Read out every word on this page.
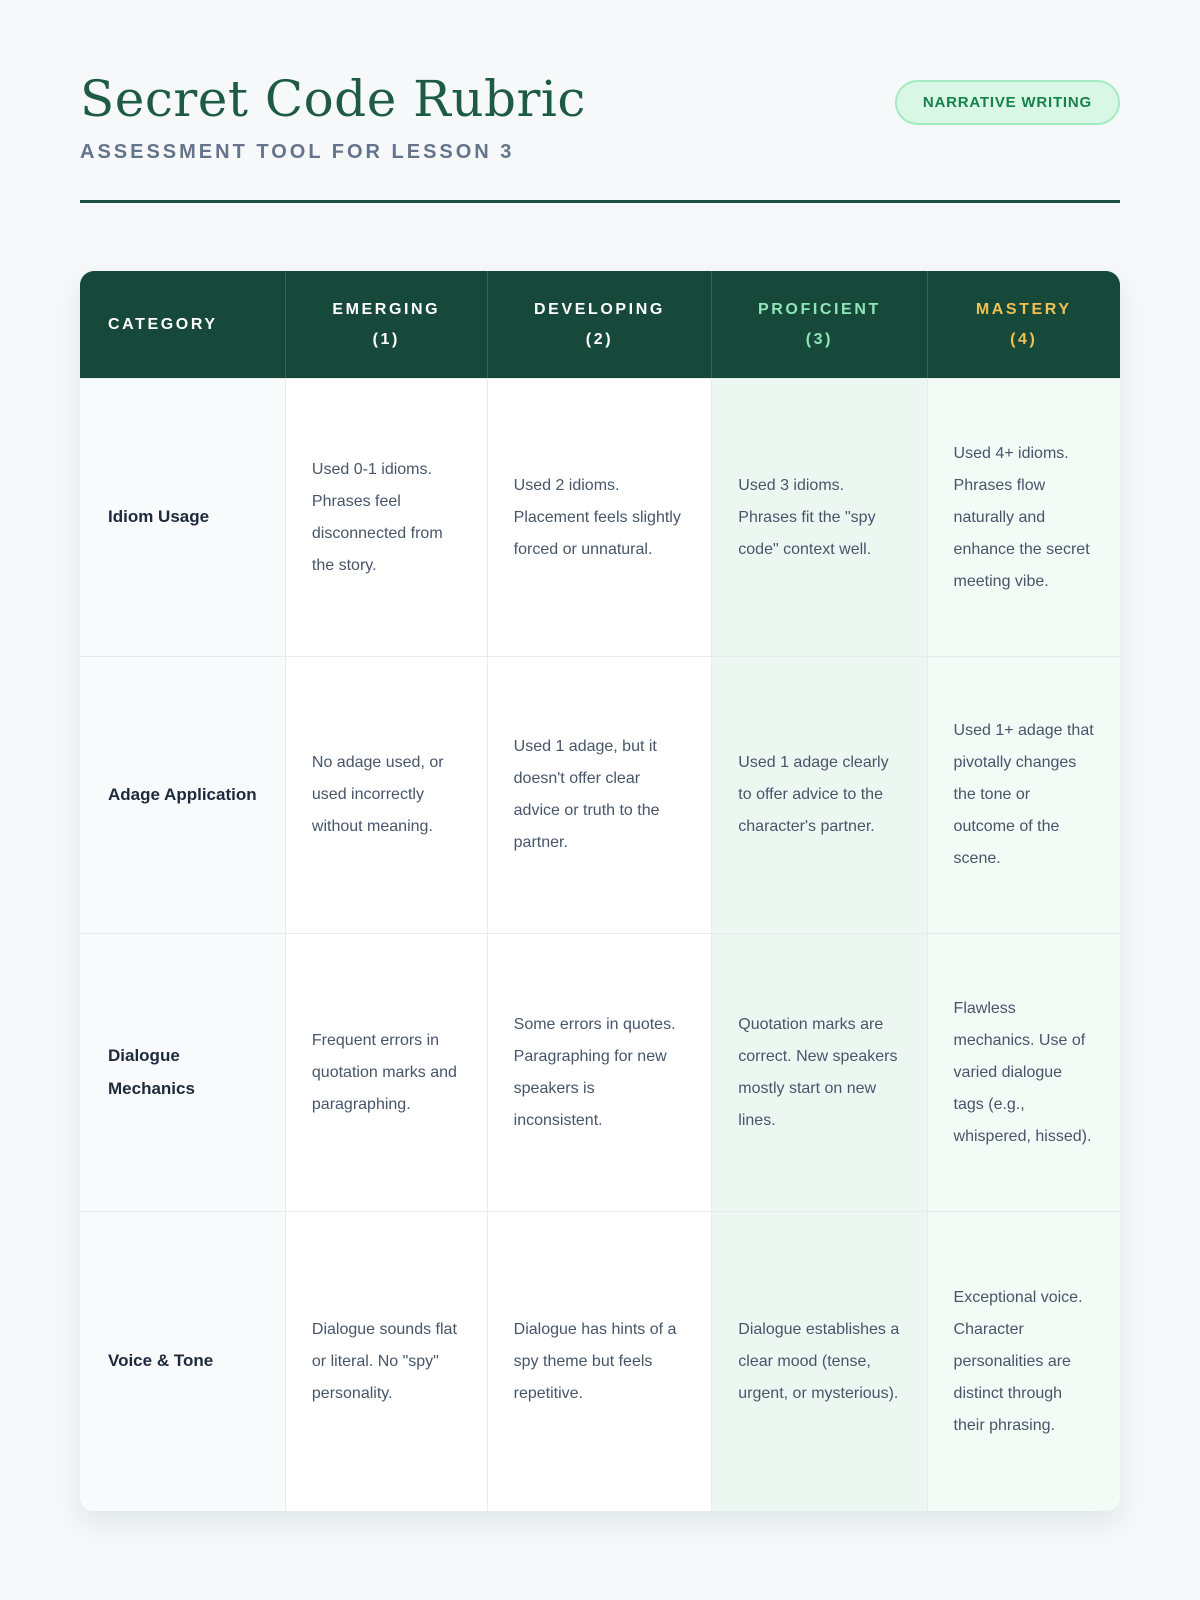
Secret Code Rubric	NARRATIVE WRITING
ASSESSMENT TOOL FOR LESSON 3
CATEGORY
EMERGING
(1)
DEVELOPING
(2)
PROFICIENT
(3)
MASTERY
(4)
Idiom Usage
Used 0-1 idioms. Phrases feel disconnected from the story.
Used 2 idioms. Placement feels slightly forced or unnatural.
Used 3 idioms. Phrases fit the "spy code" context well.
Used 4+ idioms. Phrases flow naturally and enhance the secret meeting vibe.
Adage Application
No adage used, or used incorrectly without meaning.
Used 1 adage, but it doesn't offer clear advice or truth to the partner.
Used 1 adage clearly to offer advice to the character's partner.
Used 1+ adage that pivotally changes the tone or outcome of the scene.
Dialogue Mechanics
Frequent errors in quotation marks and paragraphing.
Some errors in quotes. Paragraphing for new speakers is inconsistent.
Quotation marks are correct. New speakers mostly start on new lines.
Flawless mechanics. Use of varied dialogue tags (e.g., whispered, hissed).
Voice & Tone
Dialogue sounds flat or literal. No "spy" personality.
Dialogue has hints of a spy theme but feels repetitive.
Dialogue establishes a clear mood (tense, urgent, or mysterious).
Exceptional voice. Character personalities are distinct through their phrasing.
